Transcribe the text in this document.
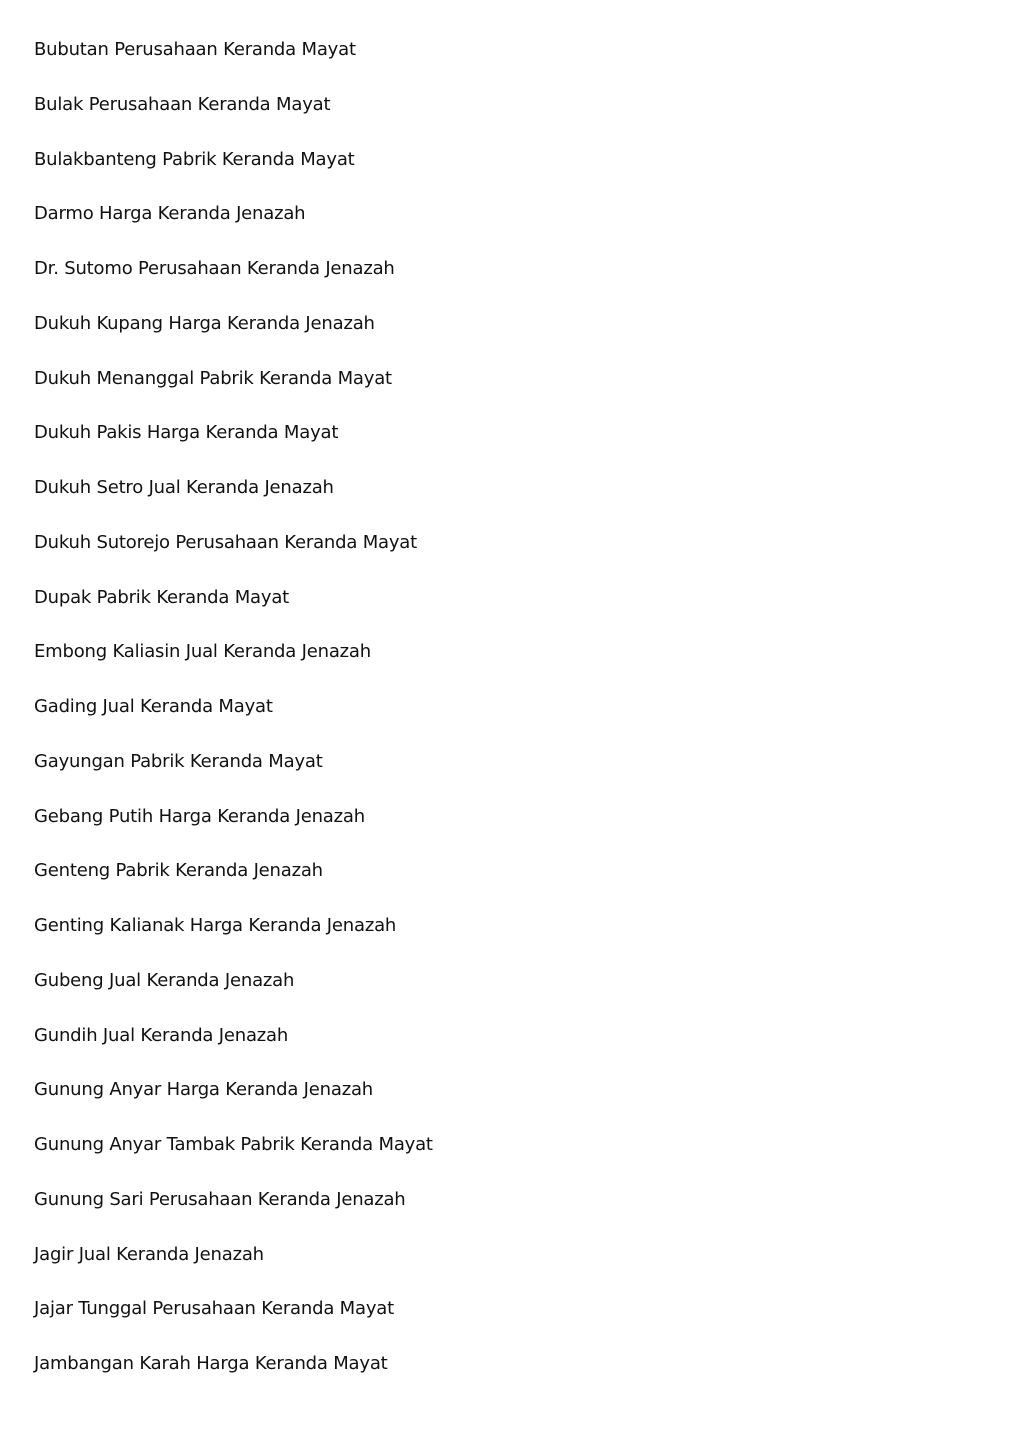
Bubutan Perusahaan Keranda Mayat
Bulak Perusahaan Keranda Mayat
Bulakbanteng Pabrik Keranda Mayat
Darmo Harga Keranda Jenazah
Dr. Sutomo Perusahaan Keranda Jenazah
Dukuh Kupang Harga Keranda Jenazah
Dukuh Menanggal Pabrik Keranda Mayat
Dukuh Pakis Harga Keranda Mayat
Dukuh Setro Jual Keranda Jenazah
Dukuh Sutorejo Perusahaan Keranda Mayat
Dupak Pabrik Keranda Mayat
Embong Kaliasin Jual Keranda Jenazah
Gading Jual Keranda Mayat
Gayungan Pabrik Keranda Mayat
Gebang Putih Harga Keranda Jenazah
Genteng Pabrik Keranda Jenazah
Genting Kalianak Harga Keranda Jenazah
Gubeng Jual Keranda Jenazah
Gundih Jual Keranda Jenazah
Gunung Anyar Harga Keranda Jenazah
Gunung Anyar Tambak Pabrik Keranda Mayat
Gunung Sari Perusahaan Keranda Jenazah
Jagir Jual Keranda Jenazah
Jajar Tunggal Perusahaan Keranda Mayat
Jambangan Karah Harga Keranda Mayat
